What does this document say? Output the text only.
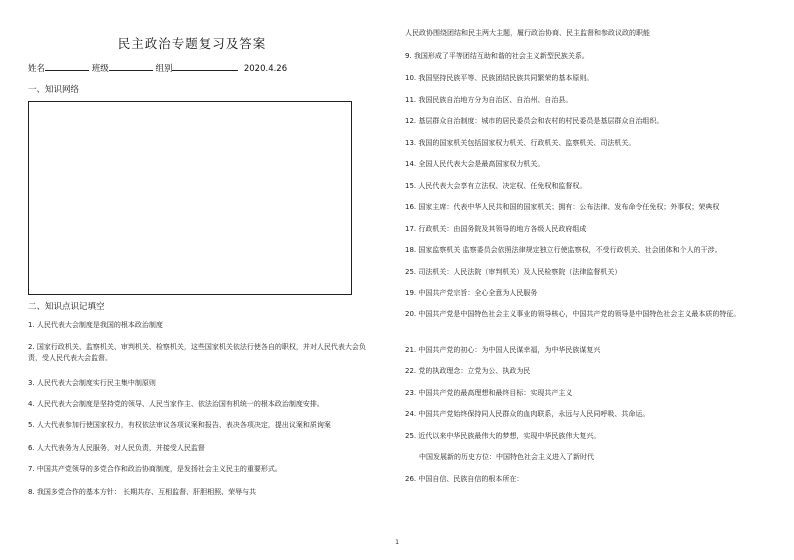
民主政治专题复习及答案
姓名	班级	组别	2020.4.26
一、知识网络
二、知识点识记填空
1. 人民代表大会制度是我国的根本政治制度
2. 国家行政机关、监察机关、审判机关、检察机关，这些国家机关依法行使各自的职权，并对人民代表大会负责，受人民代表大会监督。
3. 人民代表大会制度实行民主集中制原则
4. 人民代表大会制度是坚持党的领导、人民当家作主、依法治国有机统一的根本政治制度安排。
5. 人大代表参加行使国家权力，有权依法审议各项议案和报告、表决各项决定，提出议案和质询案
6. 人大代表务为人民服务，对人民负责，并接受人民监督
7. 中国共产党领导的多党合作和政治协商制度，是发扬社会主义民主的重要形式。
8. 我国多党合作的基本方针： 长期共存、互相监督、肝胆相照、荣辱与共
人民政协围绕团结和民主两大主题，履行政治协商、民主监督和参政议政的职能
9. 我国形成了平等团结互助和谐的社会主义新型民族关系。
10. 我国坚持民族平等、民族团结民族共同繁荣的基本原则。
11. 我国民族自治地方分为自治区、自治州、自治县。
12. 基层群众自治制度：城市的居民委员会和农村的村民委员是基层群众自治组织。
13. 我国的国家机关包括国家权力机关、行政机关、监察机关、司法机关。
14. 全国人民代表大会是最高国家权力机关。
15. 人民代表大会享有立法权、决定权、任免权和监督权。
16. 国家主席：代表中华人民共和国的国家机关；拥有：公布法律、发布命令任免权；外事权；荣典权
17. 行政机关：由国务院及其领导的地方各级人民政府组成
18. 国家监察机关 监察委员会依照法律规定独立行使监察权，不受行政机关、社会团体和个人的干涉。
25. 司法机关：人民法院（审判机关）及人民检察院（法律监督机关）
19. 中国共产党宗旨：全心全意为人民服务
20. 中国共产党是中国特色社会主义事业的领导核心，中国共产党的领导是中国特色社会主义最本质的特征。
21. 中国共产党的初心：为中国人民谋幸福，为中华民族谋复兴
22. 党的执政理念：立党为公、执政为民
23. 中国共产党的最高理想和最终目标：实现共产主义
24. 中国共产党始终保持同人民群众的血肉联系，永远与人民同呼吸、共命运。
25. 近代以来中华民族最伟大的梦想，实现中华民族伟大复兴。
中国发展新的历史方位：中国特色社会主义进入了新时代
26. 中国自信、民族自信的根本所在：
1
